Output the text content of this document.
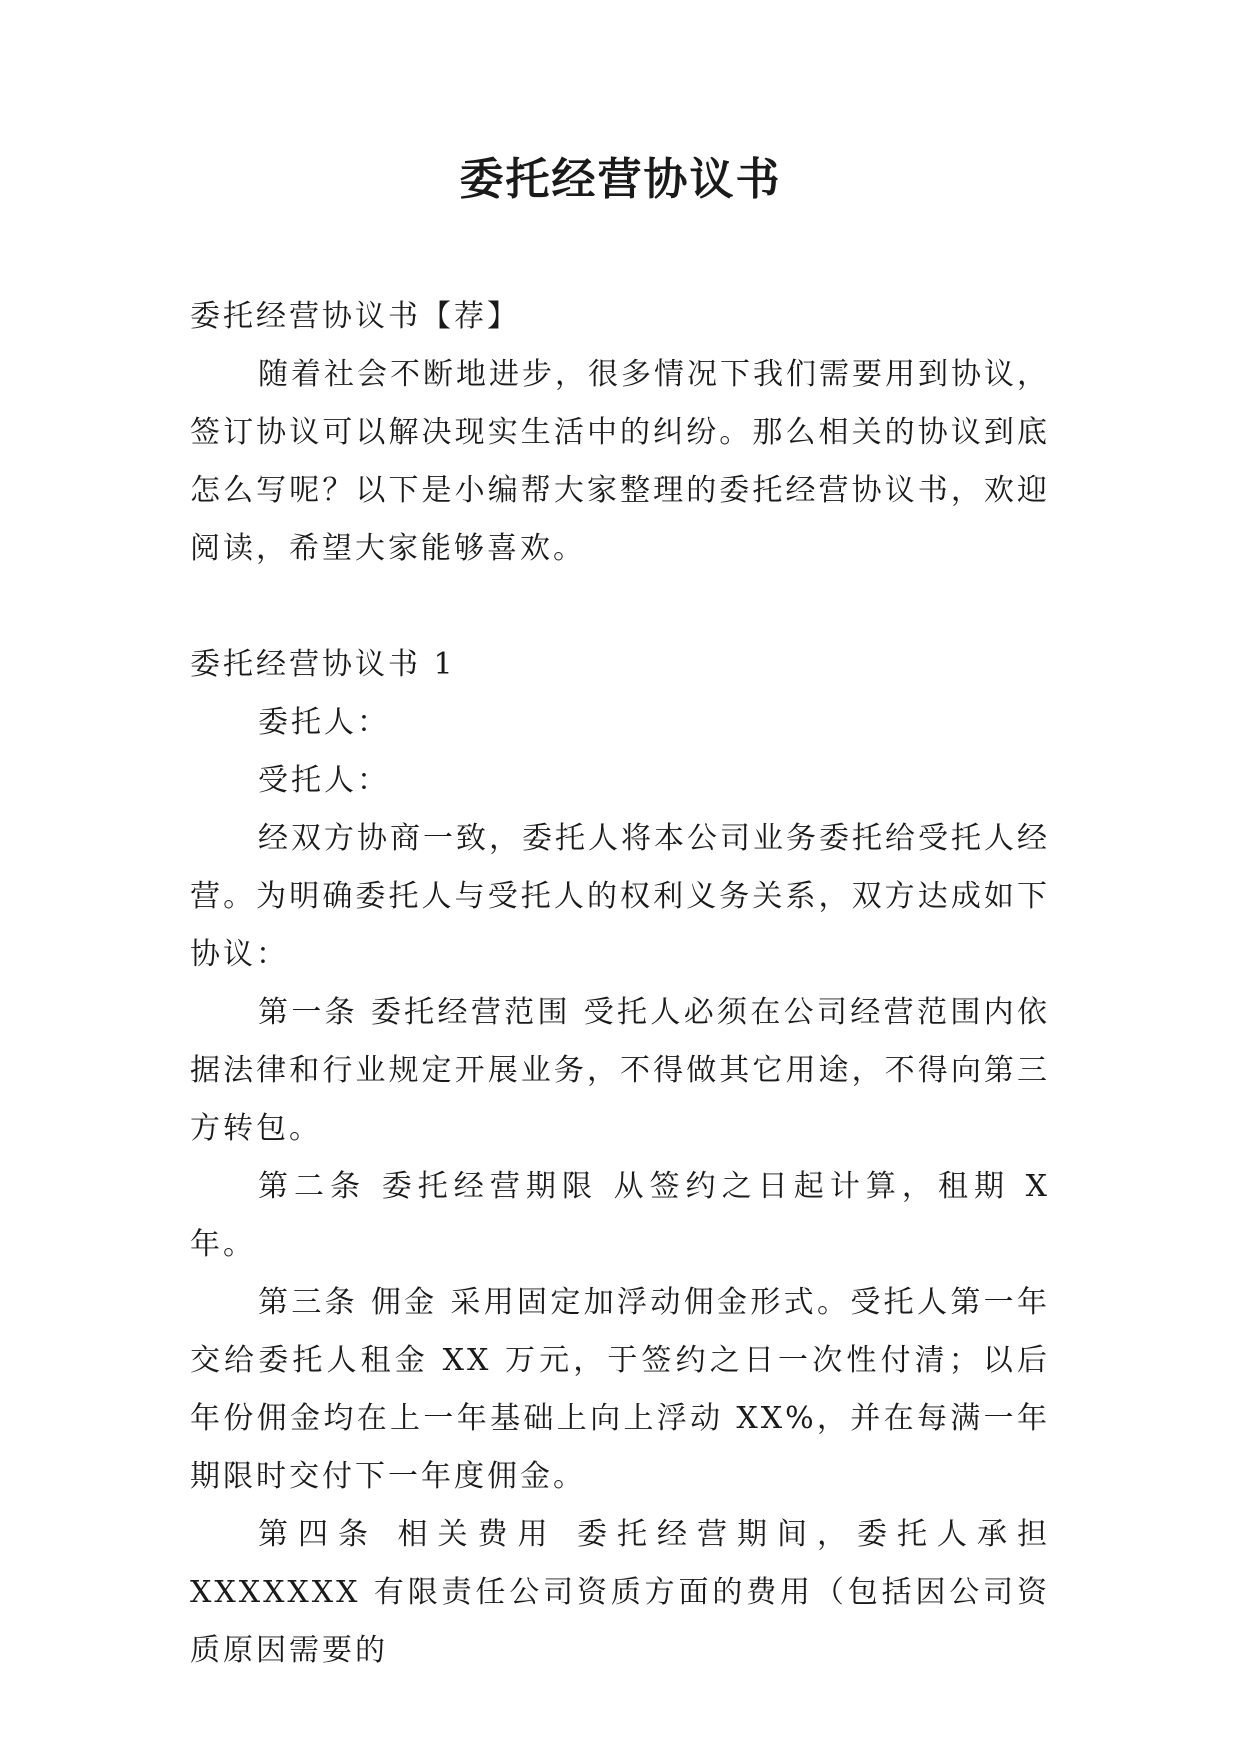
委托经营协议书

委托经营协议书【荐】

随着社会不断地进步，很多情况下我们需要用到协议，签订协议可以解决现实生活中的纠纷。那么相关的协议到底怎么写呢？以下是小编帮大家整理的委托经营协议书，欢迎阅读，希望大家能够喜欢。

委托经营协议书 1

委托人：

受托人：

经双方协商一致，委托人将本公司业务委托给受托人经营。为明确委托人与受托人的权利义务关系，双方达成如下协议：

第一条 委托经营范围 受托人必须在公司经营范围内依据法律和行业规定开展业务，不得做其它用途，不得向第三方转包。

第二条 委托经营期限 从签约之日起计算，租期 X 年。

第三条 佣金 采用固定加浮动佣金形式。受托人第一年交给委托人租金 XX 万元，于签约之日一次性付清；以后年份佣金均在上一年基础上向上浮动 XX%，并在每满一年期限时交付下一年度佣金。

第四条 相关费用 委托经营期间，委托人承担 XXXXXXX 有限责任公司资质方面的费用（包括因公司资质原因需要的
